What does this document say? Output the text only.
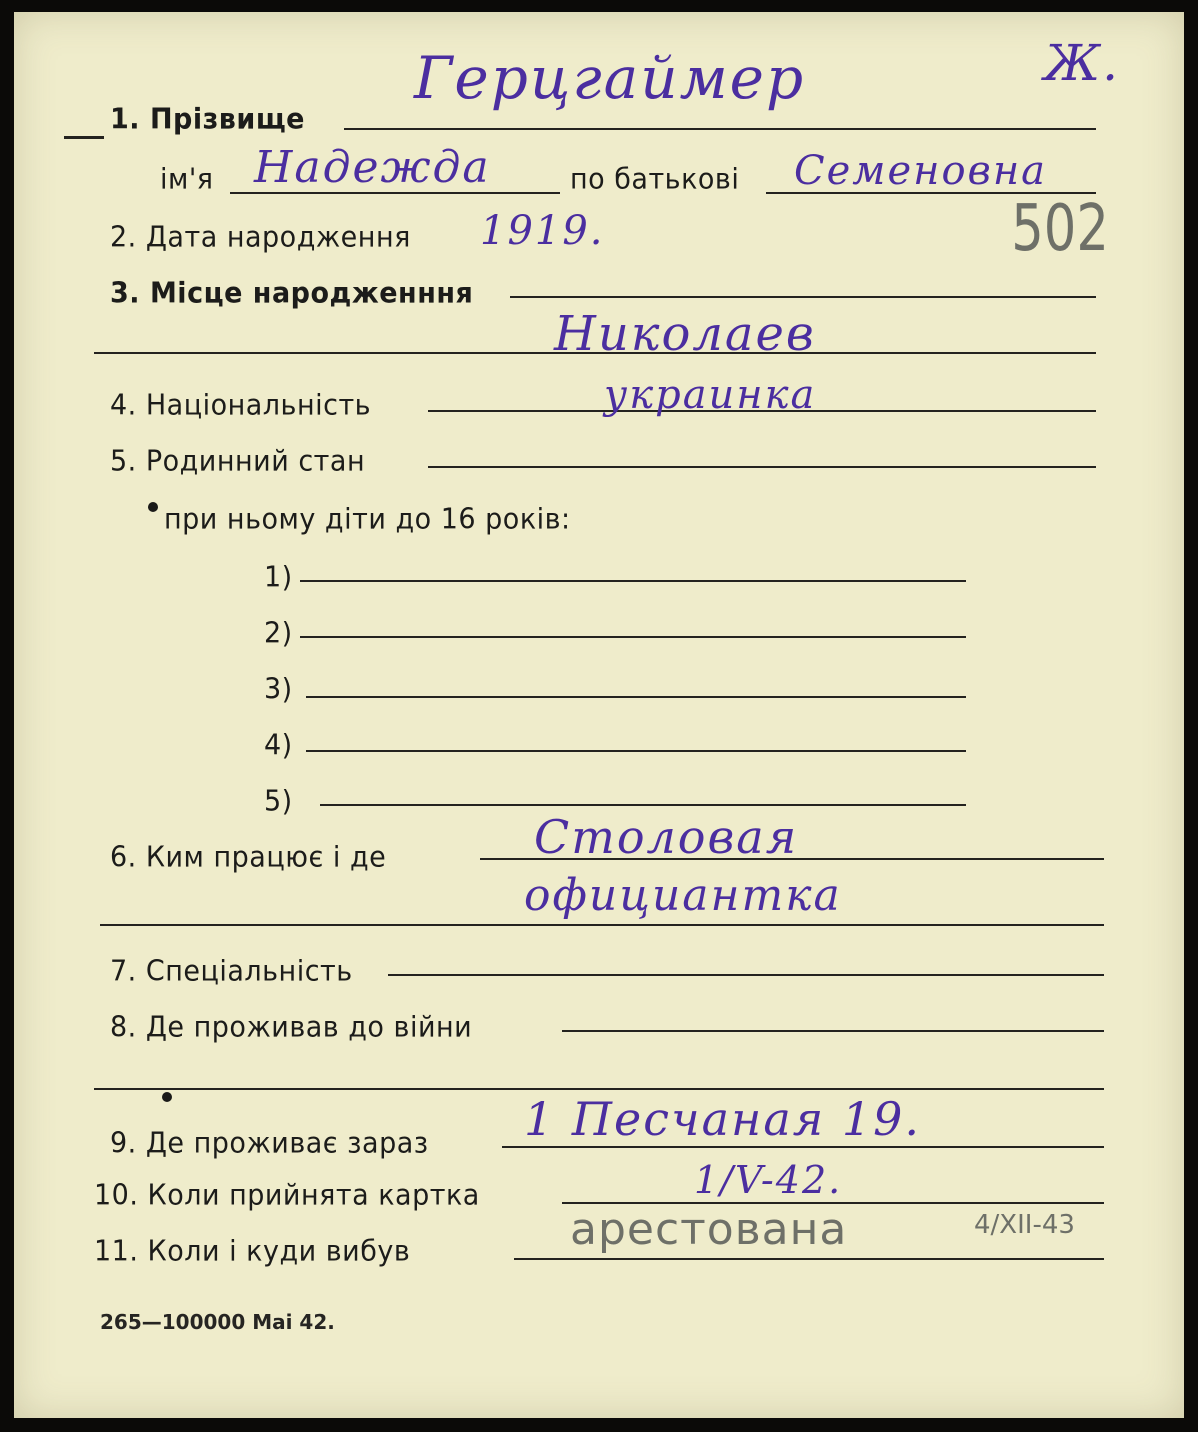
Ж.
502
1. Прізвище
Герцгаймер
ім'я Надежда	по батькові Семеновна
2. Дата народження 1919.
3. Місце народженння
Николаев
4. Національність	украинка
5. Родинний стан
при ньому діти до 16 років:
1)
2)
3)
4)
5)
6. Ким працює і де	Столовая
официантка
7. Спеціальність
8. Де проживав до війни
9. Де проживає зараз 1 Песчаная 19.
10. Коли прийнята картка	1/V-42.
11. Коли і куди вибув	арестована	4/XII-43
265—100000 Mai 42.
